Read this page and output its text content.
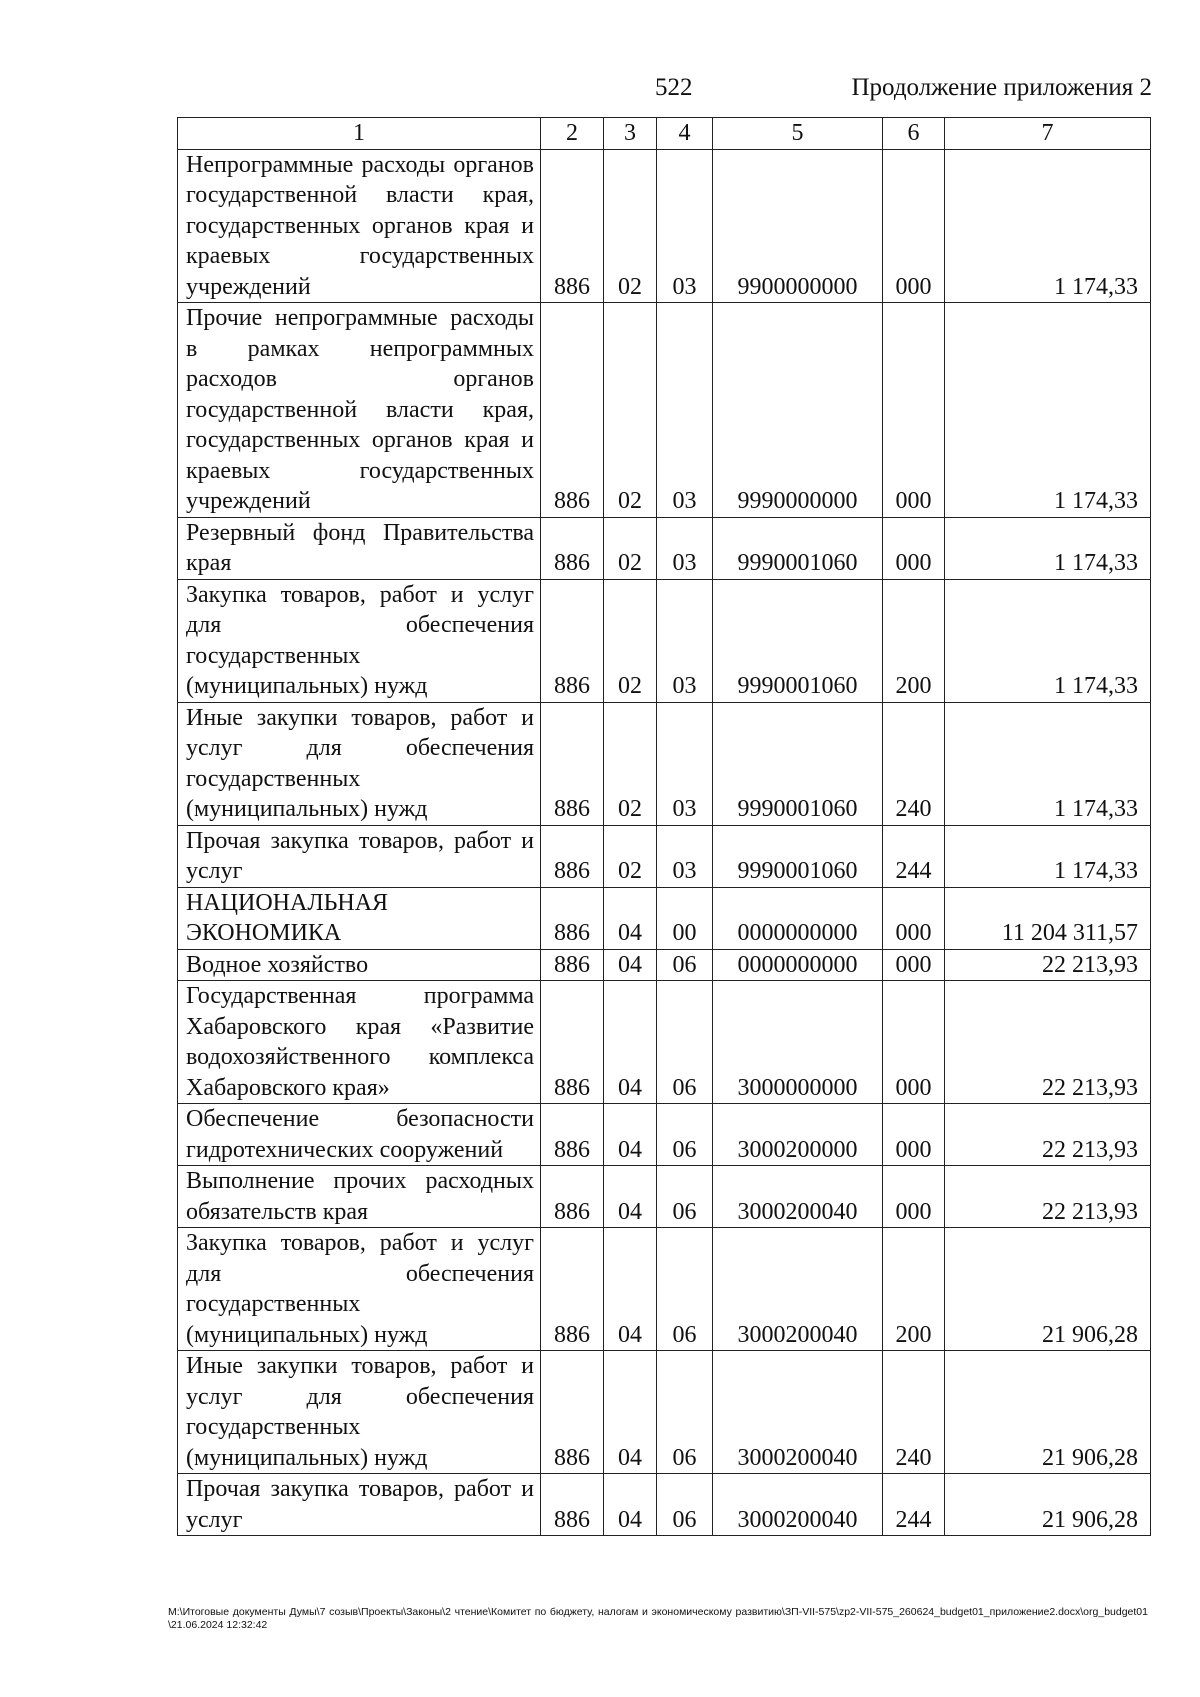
522	Продолжение приложения 2
1	2	3	4	5	6	7
Непрограммные расходы органов государственной власти края, государственных органов края и краевых государственных учреждений	886	02	03	9900000000	000	1 174,33
Прочие непрограммные расходы в рамках непрограммных расходов органов государственной власти края, государственных органов края и краевых государственных учреждений	886	02	03	9990000000	000	1 174,33
Резервный фонд Правительства края	886	02	03	9990001060	000	1 174,33
Закупка товаров, работ и услуг для обеспечения государственных (муниципальных) нужд	886	02	03	9990001060	200	1 174,33
Иные закупки товаров, работ и услуг для обеспечения государственных (муниципальных) нужд	886	02	03	9990001060	240	1 174,33
Прочая закупка товаров, работ и услуг	886	02	03	9990001060	244	1 174,33
НАЦИОНАЛЬНАЯ ЭКОНОМИКА	886	04	00	0000000000	000	11 204 311,57
Водное хозяйство	886	04	06	0000000000	000	22 213,93
Государственная программа Хабаровского края «Развитие водохозяйственного комплекса Хабаровского края»	886	04	06	3000000000	000	22 213,93
Обеспечение безопасности гидротехнических сооружений	886	04	06	3000200000	000	22 213,93
Выполнение прочих расходных обязательств края	886	04	06	3000200040	000	22 213,93
Закупка товаров, работ и услуг для обеспечения государственных (муниципальных) нужд	886	04	06	3000200040	200	21 906,28
Иные закупки товаров, работ и услуг для обеспечения государственных (муниципальных) нужд	886	04	06	3000200040	240	21 906,28
Прочая закупка товаров, работ и услуг	886	04	06	3000200040	244	21 906,28
M:\Итоговые документы Думы\7 созыв\Проекты\Законы\2 чтение\Комитет по бюджету, налогам и экономическому развитию\ЗП-VII-575\zp2-VII-575_260624_budget01_приложение2.docx\org_budget01\21.06.2024 12:32:42
